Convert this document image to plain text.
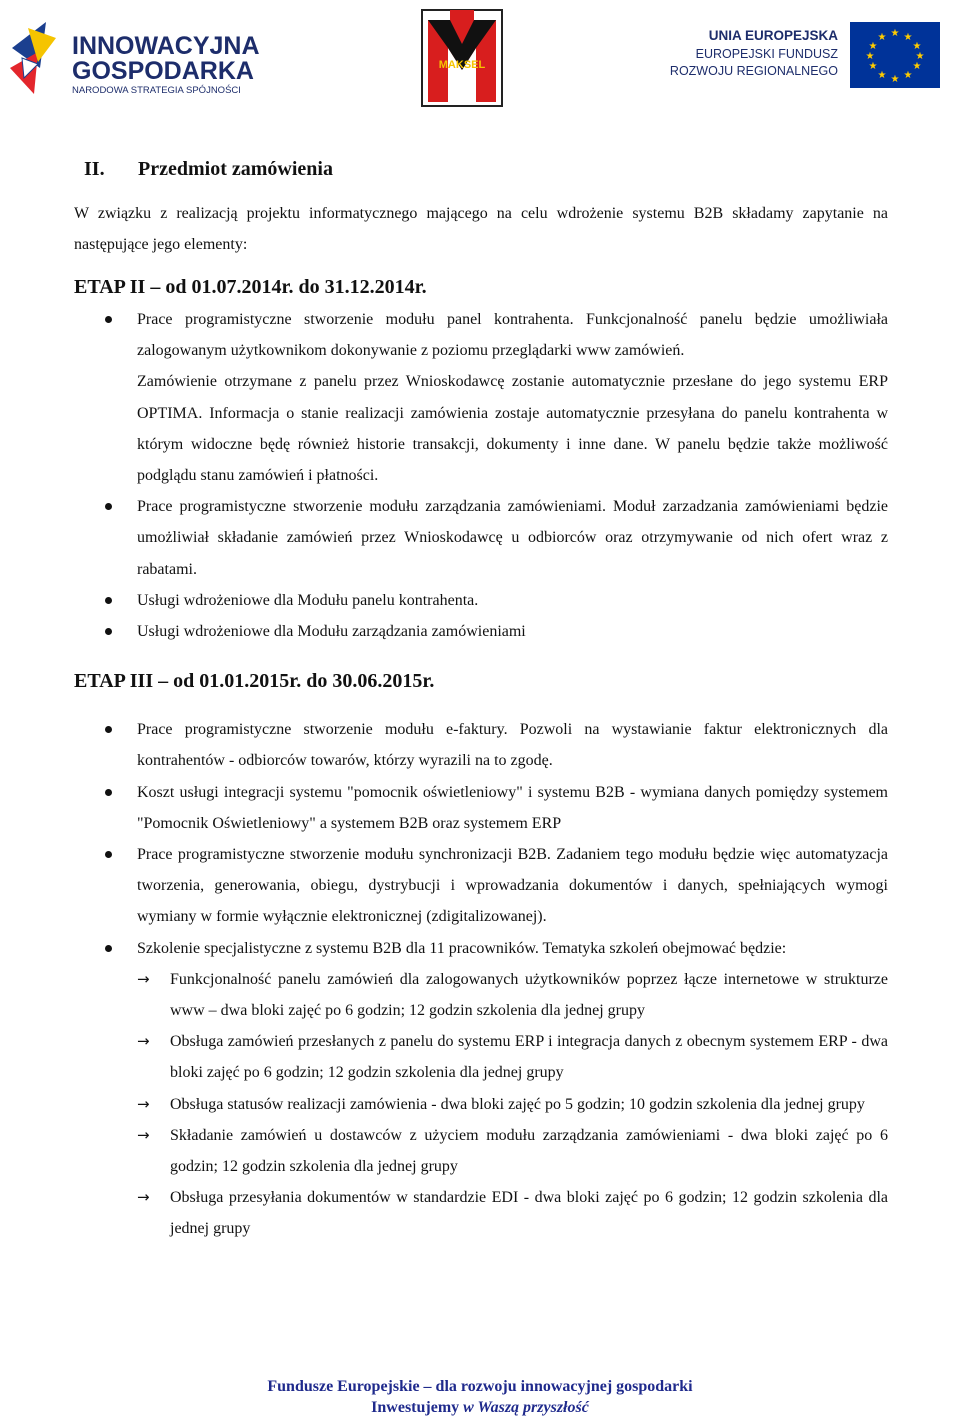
INNOWACYJNA
GOSPODARKA
NARODOWA STRATEGIA SPÓJNOŚCI
MAKSEL
UNIA EUROPEJSKA
EUROPEJSKI FUNDUSZ
ROZWOJU REGIONALNEGO
★ ★
★
★
★
★
★
★
★
★
★
★
II.	Przedmiot zamówienia

W związku z realizacją projektu informatycznego mającego na celu wdrożenie systemu B2B składamy zapytanie na następujące jego elementy:

ETAP II – od 01.07.2014r. do 31.12.2014r.
Prace programistyczne stworzenie modułu panel kontrahenta. Funkcjonalność panelu będzie umożliwiała zalogowanym użytkownikom dokonywanie z poziomu przeglądarki www zamówień.
Zamówienie otrzymane z panelu przez Wnioskodawcę zostanie automatycznie przesłane do jego systemu ERP OPTIMA. Informacja o stanie realizacji zamówienia zostaje automatycznie przesyłana do panelu kontrahenta w którym widoczne będę również historie transakcji, dokumenty i inne dane. W panelu będzie także możliwość podglądu stanu zamówień i płatności.
Prace programistyczne stworzenie modułu zarządzania zamówieniami. Moduł zarzadzania zamówieniami będzie umożliwiał składanie zamówień przez Wnioskodawcę u odbiorców oraz otrzymywanie od nich ofert wraz z rabatami.
Usługi wdrożeniowe dla Modułu panelu kontrahenta.
Usługi wdrożeniowe dla Modułu zarządzania zamówieniami
ETAP III – od 01.01.2015r. do 30.06.2015r.
Prace programistyczne stworzenie modułu e-faktury. Pozwoli na wystawianie faktur elektronicznych dla kontrahentów - odbiorców towarów, którzy wyrazili na to zgodę.
Koszt usługi integracji systemu "pomocnik oświetleniowy" i systemu B2B - wymiana danych pomiędzy systemem "Pomocnik Oświetleniowy" a systemem B2B oraz systemem ERP
Prace programistyczne stworzenie modułu synchronizacji B2B. Zadaniem tego modułu będzie więc automatyzacja tworzenia, generowania, obiegu, dystrybucji i wprowadzania dokumentów i danych, spełniających wymogi wymiany w formie wyłącznie elektronicznej (zdigitalizowanej).
Szkolenie specjalistyczne z systemu B2B dla 11 pracowników. Tematyka szkoleń obejmować będzie:
→ Funkcjonalność panelu zamówień dla zalogowanych użytkowników poprzez łącze internetowe w strukturze www – dwa bloki zajęć po 6 godzin; 12 godzin szkolenia dla jednej grupy
→ Obsługa zamówień przesłanych z panelu do systemu ERP i integracja danych z obecnym systemem ERP - dwa bloki zajęć po 6 godzin; 12 godzin szkolenia dla jednej grupy
→ Obsługa statusów realizacji zamówienia - dwa bloki zajęć po 5 godzin; 10 godzin szkolenia dla jednej grupy
→ Składanie zamówień u dostawców z użyciem modułu zarządzania zamówieniami - dwa bloki zajęć po 6 godzin; 12 godzin szkolenia dla jednej grupy
→ Obsługa przesyłania dokumentów w standardzie EDI - dwa bloki zajęć po 6 godzin; 12 godzin szkolenia dla jednej grupy
Fundusze Europejskie – dla rozwoju innowacyjnej gospodarki
Inwestujemy w Waszą przyszłość
